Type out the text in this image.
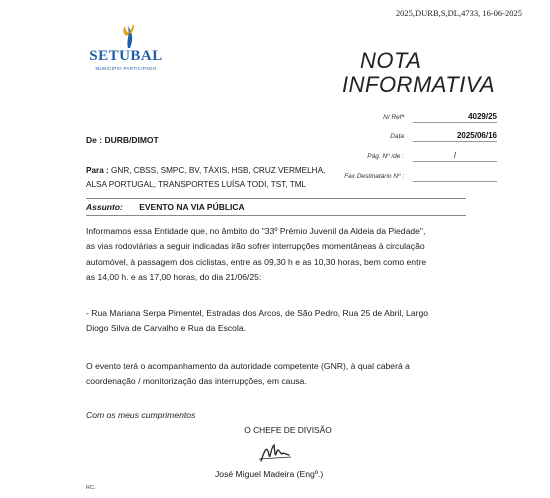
2025,DURB,S,DL,4733, 16-06-2025
SETUBAL
MUNICÍPIO PARTICIPADO	NOTA
INFORMATIVA
N/ Refª	4029/25
Data	2025/06/16
Pág. Nº /de :	/
Fax Destinatário Nº :
De : DURB/DIMOT
Para : GNR, CBSS, SMPC, BV, TÁXIS, HSB, CRUZ VERMELHA,
ALSA PORTUGAL, TRANSPORTES LUÍSA TODI, TST, TML
Assunto: EVENTO NA VIA PÚBLICA
Informamos essa Entidade que, no âmbito do "33º Prémio Juvenil da Aldeia da Piedade",
as vias rodoviárias a seguir indicadas irão sofrer interrupções momentâneas à circulação
automóvel, à passagem dos ciclistas, entre as 09,30 h e as 10,30 horas, bem como entre
as 14,00 h. e as 17,00 horas, do dia 21/06/25:
- Rua Mariana Serpa Pimentel, Estradas dos Arcos, de São Pedro, Rua 25 de Abril, Largo
Diogo Silva de Carvalho e Rua da Escola.
O evento terá o acompanhamento da autoridade competente (GNR), à qual caberá a
coordenação / monitorização das interrupções, em causa.
Com os meus cumprimentos
O CHEFE DE DIVISÃO
José Miguel Madeira (Engº.)
RC.
